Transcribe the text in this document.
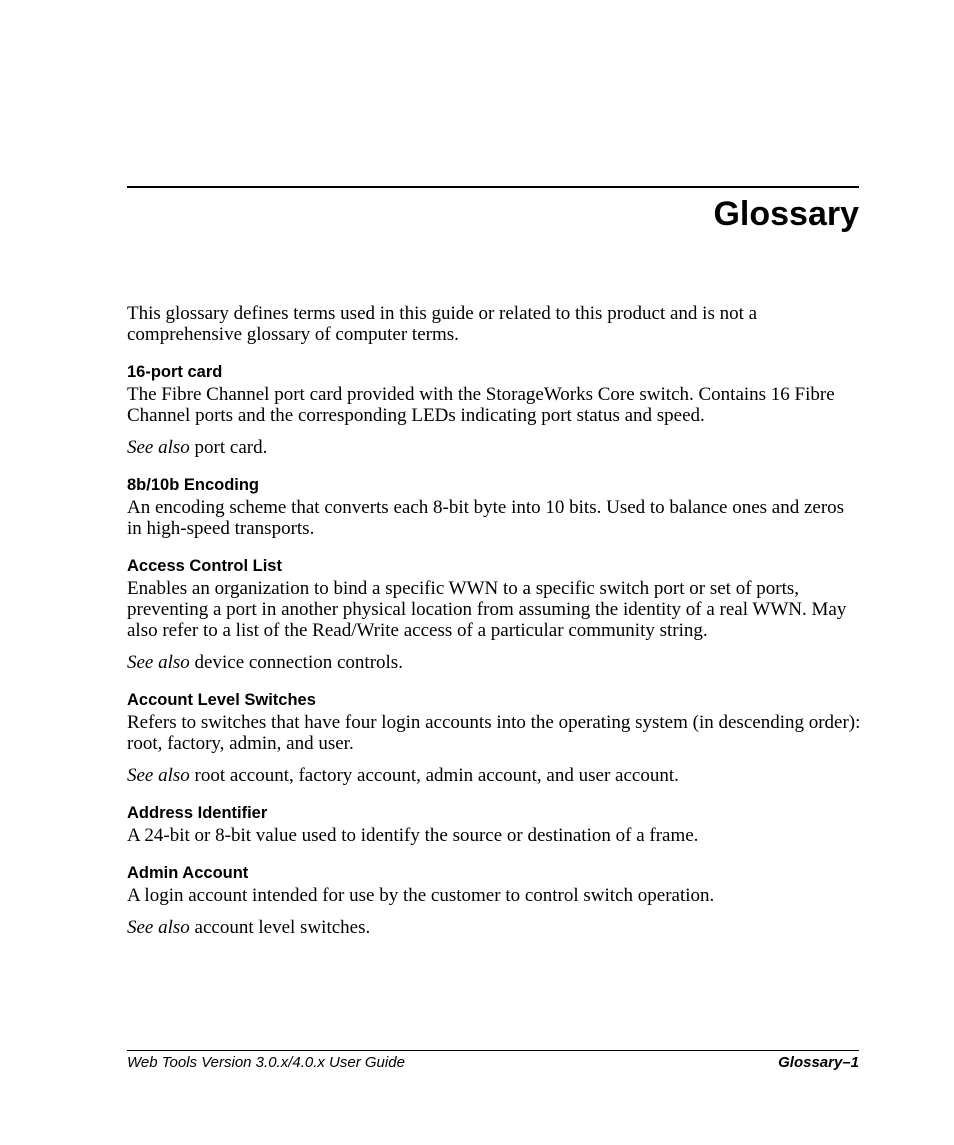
Glossary

This glossary defines terms used in this guide or related to this product and is not a comprehensive glossary of computer terms.

16-port card

The Fibre Channel port card provided with the StorageWorks Core switch. Contains 16 Fibre Channel ports and the corresponding LEDs indicating port status and speed.

See also port card.

8b/10b Encoding

An encoding scheme that converts each 8-bit byte into 10 bits. Used to balance ones and zeros in high-speed transports.

Access Control List

Enables an organization to bind a specific WWN to a specific switch port or set of ports, preventing a port in another physical location from assuming the identity of a real WWN. May also refer to a list of the Read/Write access of a particular community string.

See also device connection controls.

Account Level Switches

Refers to switches that have four login accounts into the operating system (in descending order): root, factory, admin, and user.

See also root account, factory account, admin account, and user account.

Address Identifier

A 24-bit or 8-bit value used to identify the source or destination of a frame.

Admin Account

A login account intended for use by the customer to control switch operation.

See also account level switches.

Web Tools Version 3.0.x/4.0.x User Guide	Glossary–1
